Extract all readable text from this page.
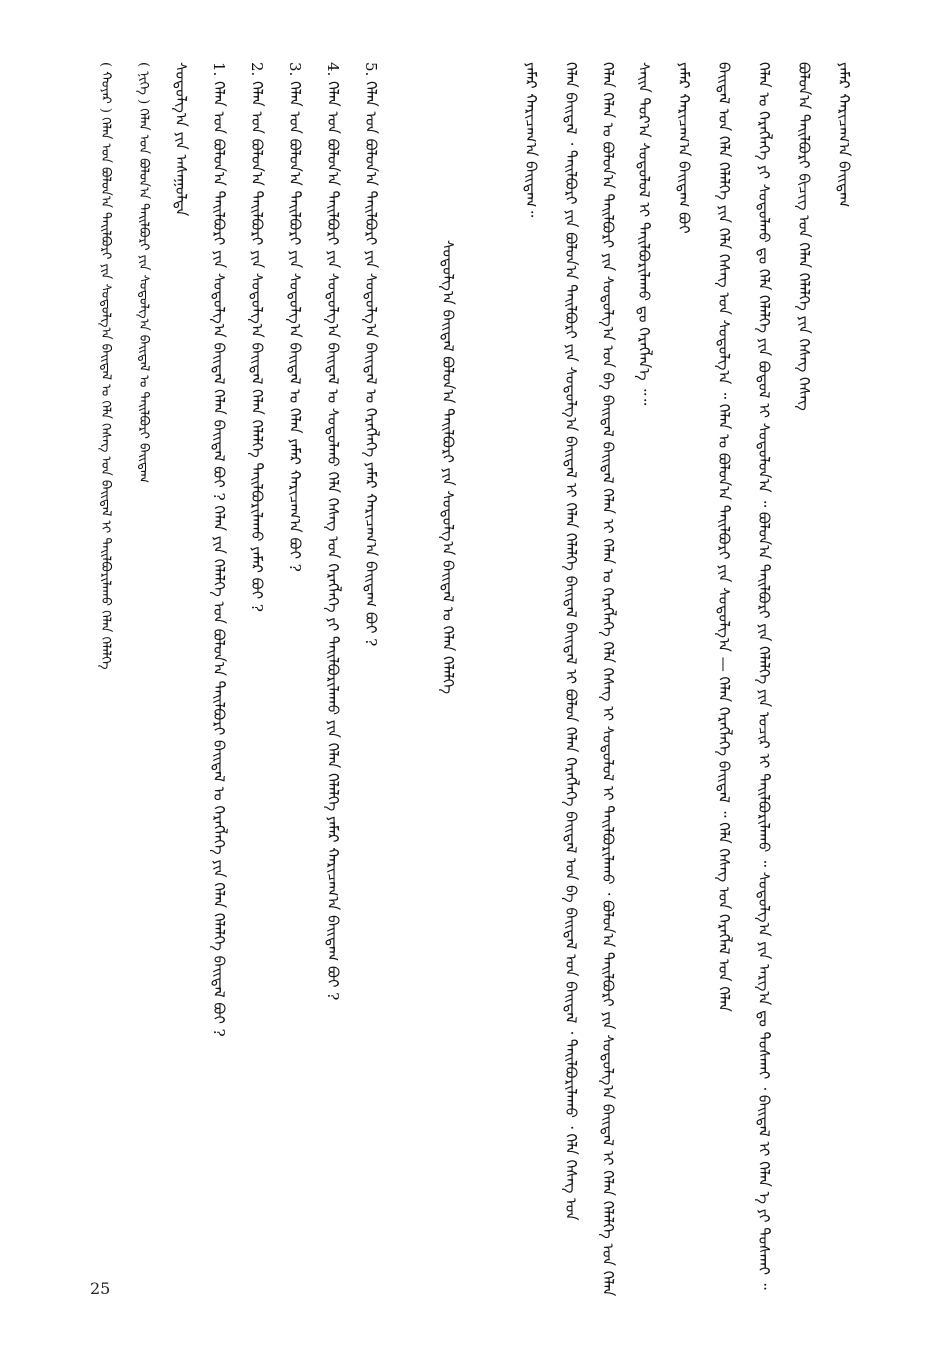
ᠶᠠᠮᠠᠷ ᠬᠠᠷᠢᠴᠠᠭ᠎ᠠ ᠪᠠᠢᠳᠠᠭ
ᠪᠣᠯᠤᠨ᠎ᠠ ᠲᠠᠢᠯᠪᠤᠷᠢ ᠪᠢᠴᠢᠭ᠌ ᠤᠨ ᠬᠡᠯᠡᠨ ᠬᠡᠯᠡᠯᠭᠡ ᠶᠢᠨ ᠬᠡᠰᠡᠭ ᠬᠡᠰᠡᠭ
ᠬᠡᠯᠡᠨ ᠤ ᠬᠡᠷᠡᠭᠯᠡᠭᠡ ᠶᠢ ᠰᠤᠳᠤᠯᠬᠤ ᠳᠤ ᠬᠡᠯᠡ ᠬᠡᠯᠡᠯᠭᠡ ᠶᠢᠨ ᠪᠤᠳᠤᠯ ᠢ ᠰᠤᠳᠤᠯᠤᠨ᠎ᠠ ᠃ ᠪᠣᠯᠤᠨ᠎ᠠ ᠲᠠᠢᠯᠪᠤᠷᠢ ᠶᠢᠨ ᠬᠡᠯᠡᠯᠭᠡ ᠶᠢᠨ ᠤᠴᠢᠷ ᠢ ᠲᠠᠢᠯᠪᠤᠷᠢᠯᠠᠬᠤ ᠃ ᠰᠤᠳᠤᠯᠭ᠎ᠠ ᠶᠢᠨ ᠠᠷᠭ᠎ᠠ ᠳᠤ ᠲᠤᠰᠬᠠᠢ ᠂ ᠪᠠᠢᠳᠠᠯ ᠢ ᠬᠡᠯᠡᠨ ᠡ ᠶᠢ ᠲᠤᠰᠬᠠᠢ ᠃
ᠪᠠᠢᠳᠠᠯ ᠤᠨ ᠬᠡᠯᠡ ᠬᠡᠯᠡᠯᠭᠡ ᠶᠢᠨ ᠬᠡᠯᠡ ᠬᠡᠰᠡᠭ ᠤᠨ ᠰᠤᠳᠤᠯᠭ᠎ᠠ ᠃ ᠬᠡᠯᠡᠨ ᠤ ᠪᠤᠯᠤᠨ᠎ᠠ ᠲᠠᠢᠯᠪᠤᠷᠢ ᠶᠢᠨ ᠰᠤᠳᠤᠯᠭ᠎ᠠ — ᠬᠡᠯᠡᠨ ᠬᠡᠷᠡᠭᠯᠡᠭᠡ ᠪᠠᠢᠳᠠᠯ ᠃ ᠬᠡᠯᠡ ᠬᠡᠰᠡᠭ ᠤᠨ ᠬᠡᠷᠡᠭᠯᠡᠯ ᠤᠨ ᠬᠡᠯᠡᠨ
ᠶᠠᠮᠠᠷ ᠬᠠᠷᠢᠴᠠᠭ᠎ᠠ ᠪᠠᠢᠳᠠᠭ ᠪᠣᠢ
ᠰᠠᠢᠨ ᠳᠤᠷ᠎ᠠ ᠰᠤᠳᠤᠯᠤᠯ ᠢ ᠲᠠᠢᠯᠪᠤᠷᠢᠯᠠᠬᠤ ᠳᠤ ᠬᠡᠷᠡᠭᠯᠡᠨ᠎ᠡ ᠃᠃
ᠬᠡᠯᠡᠨ ᠬᠡᠯᠡᠨ ᠤ ᠪᠣᠯᠤᠨ᠎ᠠ ᠲᠠᠢᠯᠪᠤᠷᠢ ᠶᠢᠨ ᠰᠤᠳᠤᠯᠭ᠎ᠠ ᠤᠨ ᠪᠠ ᠪᠠᠢᠳᠠᠯ ᠪᠠᠢᠳᠠᠯ ᠬᠡᠯᠡᠨ ᠢ ᠬᠡᠯᠡᠨ ᠤ ᠬᠡᠷᠡᠭᠯᠡᠭᠡ ᠬᠡᠯᠡ ᠬᠡᠰᠡᠭ ᠢ ᠰᠤᠳᠤᠯᠤᠯ ᠢ ᠲᠠᠢᠯᠪᠤᠷᠢᠯᠠᠬᠤ ᠂ ᠪᠣᠯᠤᠨ᠎ᠠ ᠲᠠᠢᠯᠪᠤᠷᠢ ᠶᠢᠨ ᠰᠤᠳᠤᠯᠭ᠎ᠠ ᠪᠠᠢᠳᠠᠯ ᠢ ᠬᠡᠯᠡᠨ ᠬᠡᠯᠡᠯᠭᠡ ᠤᠨ ᠬᠡᠯᠡᠨ
ᠬᠡᠯᠡᠨ ᠪᠠᠢᠳᠠᠯ ᠂ ᠲᠠᠢᠯᠪᠤᠷᠢ ᠶᠢᠨ ᠪᠣᠯᠤᠨ᠎ᠠ ᠲᠠᠢᠯᠪᠤᠷᠢ ᠶᠢᠨ ᠰᠤᠳᠤᠯᠭ᠎ᠠ ᠪᠠᠢᠳᠠᠯ ᠢ ᠬᠡᠯᠡᠨ ᠬᠡᠯᠡᠯᠭᠡ ᠪᠠᠢᠳᠠᠯ ᠪᠠᠢᠳᠠᠯ ᠢ ᠪᠣᠯᠤᠨ ᠬᠡᠯᠡᠨ ᠬᠡᠷᠡᠭᠯᠡᠭᠡ ᠪᠠᠢᠳᠠᠯ ᠤᠨ ᠪᠠ ᠪᠠᠢᠳᠠᠯ ᠤᠨ ᠪᠠᠢᠳᠠᠯ ᠂ ᠲᠠᠢᠯᠪᠤᠷᠢᠯᠠᠬᠤ ᠂ ᠬᠡᠯᠡ ᠬᠡᠰᠡᠭ ᠤᠨ
ᠶᠠᠮᠠᠷ ᠬᠠᠷᠢᠴᠠᠭ᠎ᠠ ᠪᠠᠢᠳᠠᠭ᠃
ᠰᠤᠳᠤᠯᠭ᠎ᠠ ᠪᠠᠢᠳᠠᠯ ᠪᠣᠯᠤᠨ᠎ᠠ ᠲᠠᠢᠯᠪᠤᠷᠢ ᠶᠢᠨ ᠰᠤᠳᠤᠯᠭ᠎ᠠ ᠪᠠᠢᠳᠠᠯ ᠤ ᠬᠡᠯᠡᠨ ᠬᠡᠯᠡᠯᠭᠡ
5. ᠬᠡᠯᠡᠨ ᠤᠨ ᠪᠣᠯᠤᠨ᠎ᠠ ᠲᠠᠢᠯᠪᠤᠷᠢ ᠶᠢᠨ ᠰᠤᠳᠤᠯᠭ᠎ᠠ ᠪᠠᠢᠳᠠᠯ ᠤ ᠬᠡᠷᠡᠭᠯᠡᠭᠡ ᠶᠠᠮᠠᠷ ᠬᠠᠷᠢᠴᠠᠭ᠎ᠠ ᠪᠠᠢᠳᠠᠭ ᠪᠣᠢ ?
4. ᠬᠡᠯᠡᠨ ᠤᠨ ᠪᠣᠯᠤᠨ᠎ᠠ ᠲᠠᠢᠯᠪᠤᠷᠢ ᠶᠢᠨ ᠰᠤᠳᠤᠯᠭ᠎ᠠ ᠪᠠᠢᠳᠠᠯ ᠤ ᠰᠤᠳᠤᠯᠬᠤ ᠬᠡᠯᠡ ᠬᠡᠰᠡᠭ ᠤᠨ ᠬᠡᠷᠡᠭᠯᠡᠭᠡ ᠶᠢ ᠲᠠᠢᠯᠪᠤᠷᠢᠯᠠᠬᠤ ᠶᠢᠨ ᠬᠡᠯᠡᠨ ᠬᠡᠯᠡᠯᠭᠡ ᠶᠠᠮᠠᠷ ᠬᠠᠷᠢᠴᠠᠭ᠎ᠠ ᠪᠠᠢᠳᠠᠭ ᠪᠣᠢ ?
3. ᠬᠡᠯᠡᠨ ᠤᠨ ᠪᠣᠯᠤᠨ᠎ᠠ ᠲᠠᠢᠯᠪᠤᠷᠢ ᠶᠢᠨ ᠰᠤᠳᠤᠯᠭ᠎ᠠ ᠪᠠᠢᠳᠠᠯ ᠤ ᠬᠡᠯᠡᠨ ᠶᠠᠮᠠᠷ ᠬᠠᠷᠢᠴᠠᠭ᠎ᠠ ᠪᠣᠢ ?
2. ᠬᠡᠯᠡᠨ ᠤᠨ ᠪᠣᠯᠤᠨ᠎ᠠ ᠲᠠᠢᠯᠪᠤᠷᠢ ᠶᠢᠨ ᠰᠤᠳᠤᠯᠭ᠎ᠠ ᠪᠠᠢᠳᠠᠯ ᠬᠡᠯᠡᠨ ᠬᠡᠯᠡᠯᠭᠡ ᠲᠠᠢᠯᠪᠤᠷᠢᠯᠠᠬᠤ ᠶᠠᠮᠠᠷ ᠪᠣᠢ ?
1. ᠬᠡᠯᠡᠨ ᠤᠨ ᠪᠣᠯᠤᠨ᠎ᠠ ᠲᠠᠢᠯᠪᠤᠷᠢ ᠶᠢᠨ ᠰᠤᠳᠤᠯᠭ᠎ᠠ ᠪᠠᠢᠳᠠᠯ ᠬᠡᠯᠡᠨ ᠪᠠᠢᠳᠠᠯ ᠪᠣᠢ ? ᠬᠡᠯᠡᠨ ᠶᠢᠨ ᠬᠡᠯᠡᠯᠭᠡ ᠤᠨ ᠪᠣᠯᠤᠨ᠎ᠠ ᠲᠠᠢᠯᠪᠤᠷᠢ ᠪᠠᠢᠳᠠᠯ ᠤ ᠬᠡᠷᠡᠭᠯᠡᠭᠡ ᠶᠢᠨ ᠬᠡᠯᠡᠨ ᠬᠡᠯᠡᠯᠭᠡ ᠪᠠᠢᠳᠠᠯ ᠪᠣᠢ ?
ᠰᠤᠳᠤᠯᠭ᠎ᠠ ᠶᠢᠨ ᠠᠰᠠᠭᠤᠯᠲᠠ
( ᠨᠢᠭᠡ ) ᠬᠡᠯᠡᠨ ᠤᠨ ᠪᠣᠯᠤᠨ᠎ᠠ ᠲᠠᠢᠯᠪᠤᠷᠢ ᠶᠢᠨ ᠰᠤᠳᠤᠯᠭ᠎ᠠ ᠪᠠᠢᠳᠠᠯ ᠤ ᠲᠠᠢᠯᠪᠤᠷᠢ ᠪᠠᠢᠳᠠᠭ
( ᠬᠣᠶᠠᠷ ) ᠬᠡᠯᠡᠨ ᠤᠨ ᠪᠣᠯᠤᠨ᠎ᠠ ᠲᠠᠢᠯᠪᠤᠷᠢ ᠶᠢᠨ ᠰᠤᠳᠤᠯᠭ᠎ᠠ ᠪᠠᠢᠳᠠᠯ ᠤ ᠬᠡᠯᠡ ᠬᠡᠰᠡᠭ ᠤᠨ ᠪᠠᠢᠳᠠᠯ ᠢ ᠲᠠᠢᠯᠪᠤᠷᠢᠯᠠᠬᠤ ᠬᠡᠯᠡᠨ ᠬᠡᠯᠡᠯᠭᠡ
25
